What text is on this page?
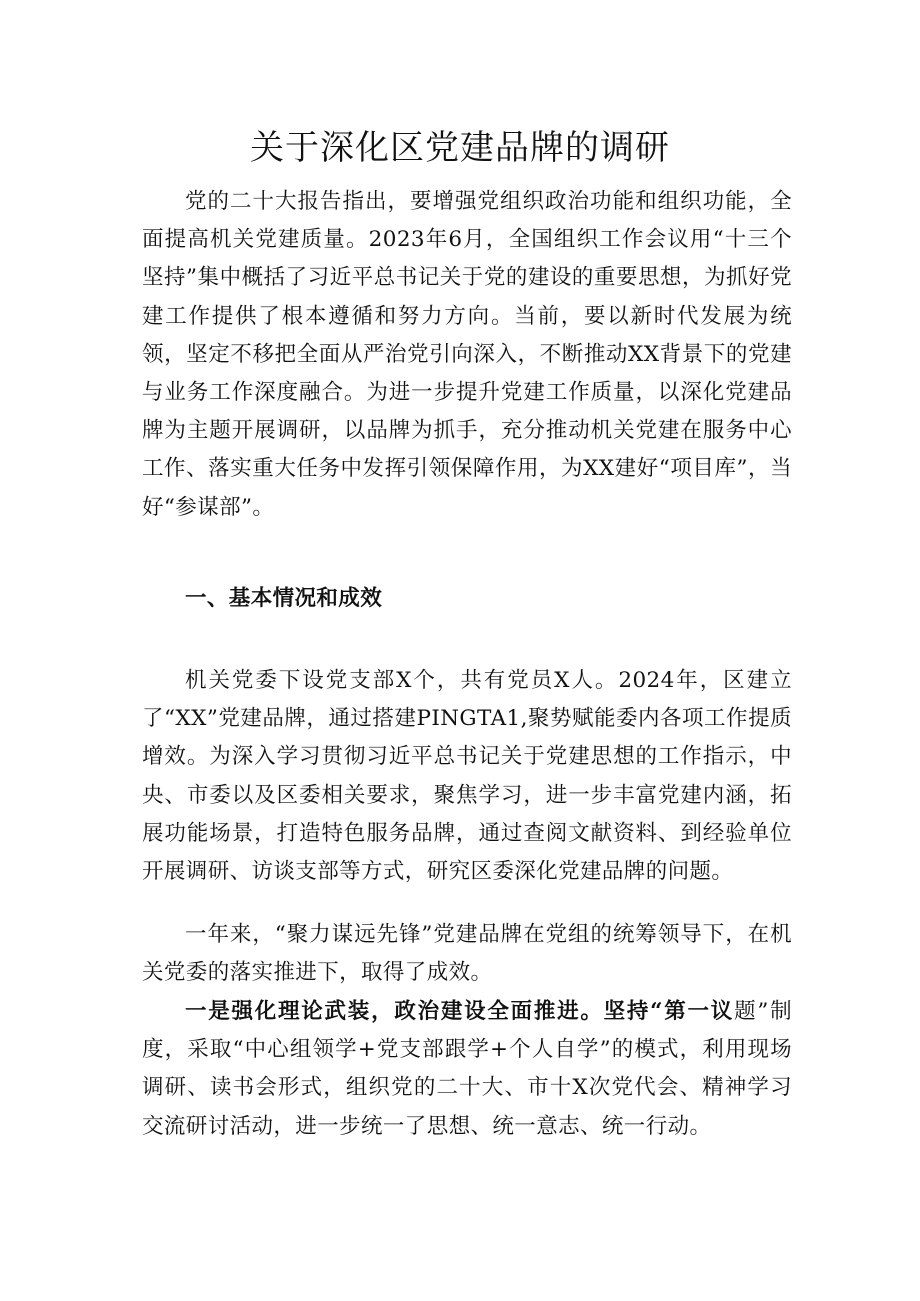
关于深化区党建品牌的调研

党的二十大报告指出，要增强党组织政治功能和组织功能，全面提高机关党建质量。2023年6月，全国组织工作会议用“十三个坚持”集中概括了习近平总书记关于党的建设的重要思想，为抓好党建工作提供了根本遵循和努力方向。当前，要以新时代发展为统领，坚定不移把全面从严治党引向深入，不断推动XX背景下的党建与业务工作深度融合。为进一步提升党建工作质量，以深化党建品牌为主题开展调研，以品牌为抓手，充分推动机关党建在服务中心工作、落实重大任务中发挥引领保障作用，为XX建好“项目库”，当好“参谋部”。

一、基本情况和成效

机关党委下设党支部X个，共有党员X人。2024年，区建立了“XX”党建品牌，通过搭建PINGTA1,聚势赋能委内各项工作提质增效。为深入学习贯彻习近平总书记关于党建思想的工作指示，中央、市委以及区委相关要求，聚焦学习，进一步丰富党建内涵，拓展功能场景，打造特色服务品牌，通过查阅文献资料、到经验单位开展调研、访谈支部等方式，研究区委深化党建品牌的问题。

一年来，“聚力谋远先锋”党建品牌在党组的统筹领导下，在机关党委的落实推进下，取得了成效。

一是强化理论武装，政治建设全面推进。坚持“第一议题”制度，采取“中心组领学+党支部跟学+个人自学”的模式，利用现场调研、读书会形式，组织党的二十大、市十X次党代会、精神学习交流研讨活动，进一步统一了思想、统一意志、统一行动。
